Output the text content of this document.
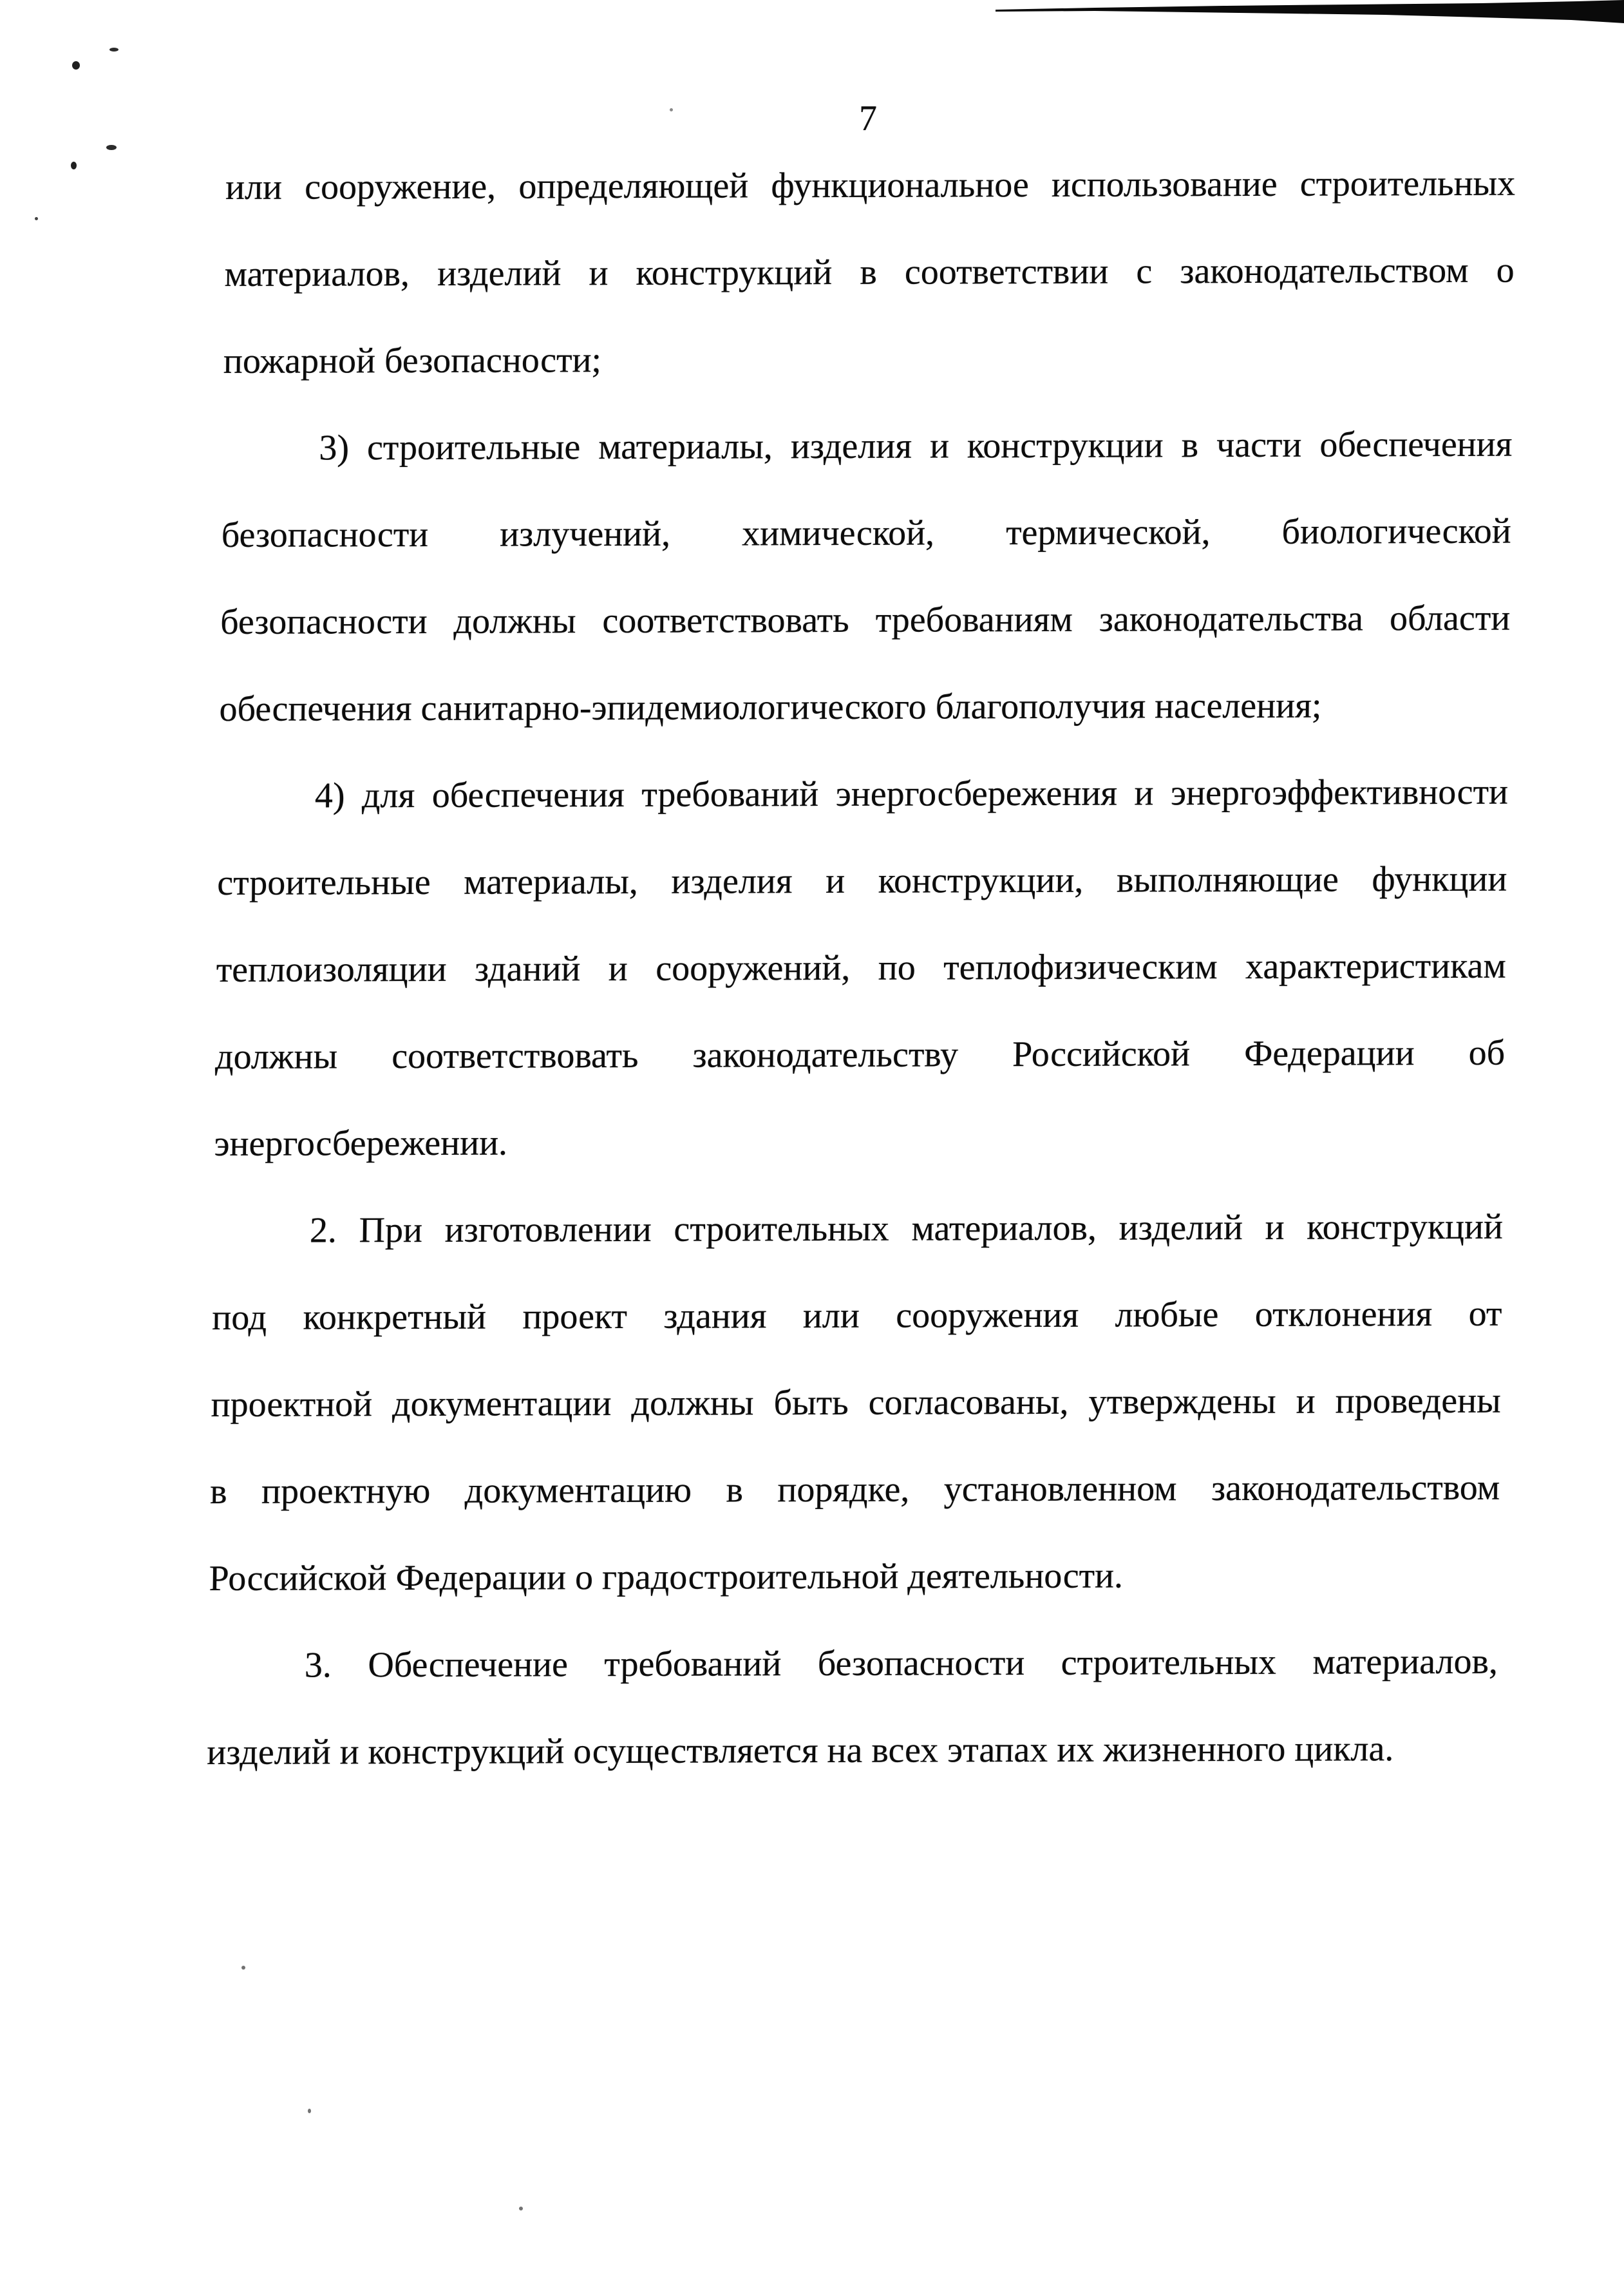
7
или сооружение, определяющей функциональное использование строительных
материалов, изделий и конструкций в соответствии с законодательством о
пожарной безопасности;
3) строительные материалы, изделия и конструкции в части обеспечения
безопасности излучений, химической, термической, биологической
безопасности должны соответствовать требованиям законодательства области
обеспечения санитарно-эпидемиологического благополучия населения;
4) для обеспечения требований энергосбережения и энергоэффективности
строительные материалы, изделия и конструкции, выполняющие функции
теплоизоляции зданий и сооружений, по теплофизическим характеристикам
должны соответствовать законодательству Российской Федерации об
энергосбережении.
2. При изготовлении строительных материалов, изделий и конструкций
под конкретный проект здания или сооружения любые отклонения от
проектной документации должны быть согласованы, утверждены и проведены
в проектную документацию в порядке, установленном законодательством
Российской Федерации о градостроительной деятельности.
3. Обеспечение требований безопасности строительных материалов,
изделий и конструкций осуществляется на всех этапах их жизненного цикла.
